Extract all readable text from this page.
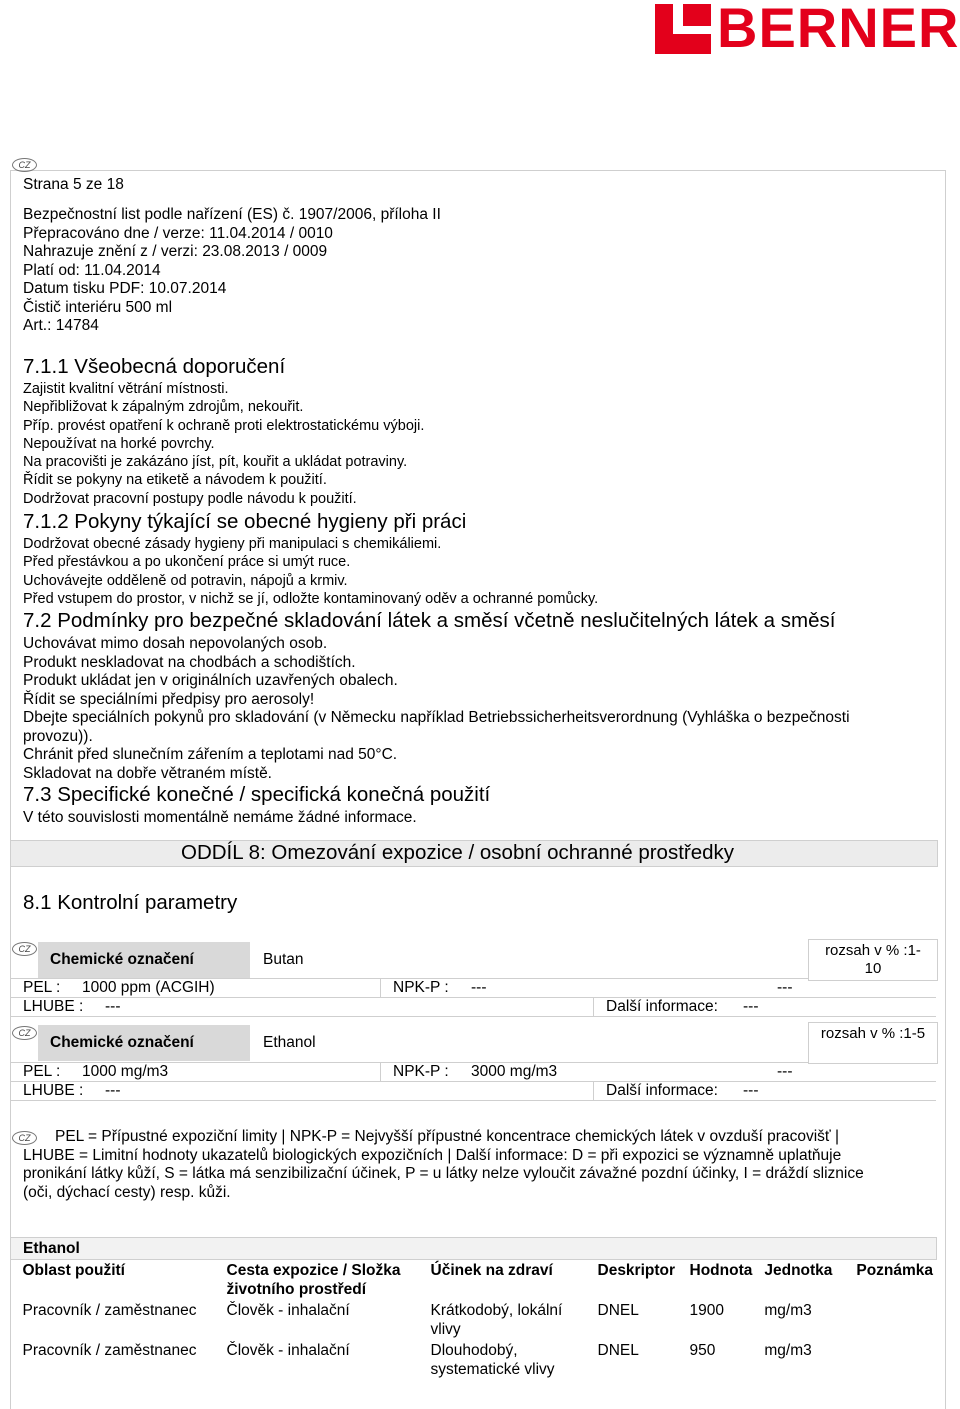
BERNER
CZ
Strana 5 ze 18
Bezpečnostní list podle nařízení (ES) č. 1907/2006, příloha II
Přepracováno dne / verze: 11.04.2014 / 0010
Nahrazuje znění z / verzi: 23.08.2013 / 0009
Platí od: 11.04.2014
Datum tisku PDF: 10.07.2014
Čistič interiéru 500 ml
Art.: 14784
7.1.1 Všeobecná doporučení
Zajistit kvalitní větrání místnosti.
Nepřibližovat k zápalným zdrojům, nekouřit.
Příp. provést opatření k ochraně proti elektrostatickému výboji.
Nepoužívat na horké povrchy.
Na pracovišti je zakázáno jíst, pít, kouřit a ukládat potraviny.
Řídit se pokyny na etiketě a návodem k použití.
Dodržovat pracovní postupy podle návodu k použití.
7.1.2 Pokyny týkající se obecné hygieny při práci
Dodržovat obecné zásady hygieny při manipulaci s chemikáliemi.
Před přestávkou a po ukončení práce si umýt ruce.
Uchovávejte odděleně od potravin, nápojů a krmiv.
Před vstupem do prostor, v nichž se jí, odložte kontaminovaný oděv a ochranné pomůcky.
7.2 Podmínky pro bezpečné skladování látek a směsí včetně neslučitelných látek a směsí
Uchovávat mimo dosah nepovolaných osob.
Produkt neskladovat na chodbách a schodištích.
Produkt ukládat jen v originálních uzavřených obalech.
Řídit se speciálními předpisy pro aerosoly!
Dbejte speciálních pokynů pro skladování (v Německu například Betriebssicherheitsverordnung (Vyhláška o bezpečnosti
provozu)).
Chránit před slunečním zářením a teplotami nad 50°C.
Skladovat na dobře větraném místě.
7.3 Specifické konečné / specifická konečná použití
V této souvislosti momentálně nemáme žádné informace.
ODDÍL 8: Omezování expozice / osobní ochranné prostředky
8.1 Kontrolní parametry
CZ
Chemické označení	Butan
rozsah v % :1-10
PEL : 1000 ppm (ACGIH)	NPK-P : ---	---
LHUBE : ---	Další informace: ---
CZ
Chemické označení	Ethanol
rozsah v % :1-5
PEL : 1000 mg/m3	NPK-P : 3000 mg/m3	---
LHUBE : ---	Další informace: ---
CZ	PEL = Přípustné expoziční limity | NPK-P = Nejvyšší přípustné koncentrace chemických látek v ovzduší pracovišť |
LHUBE = Limitní hodnoty ukazatelů biologických expozičních | Další informace: D = při expozici se významně uplatňuje
pronikání látky kůží, S = látka má senzibilizační účinek, P = u látky nelze vyloučit závažné pozdní účinky, I = dráždí sliznice
(oči, dýchací cesty) resp. kůži.
Ethanol						
Oblast použití	Cesta expozice / Složka životního prostředí	Účinek na zdraví	Deskriptor	Hodnota	Jednotka	Poznámka
Pracovník / zaměstnanec	Člověk - inhalační	Krátkodobý, lokální vlivy	DNEL	1900	mg/m3	
Pracovník / zaměstnanec	Člověk - inhalační	Dlouhodobý, systematické vlivy	DNEL	950	mg/m3	
